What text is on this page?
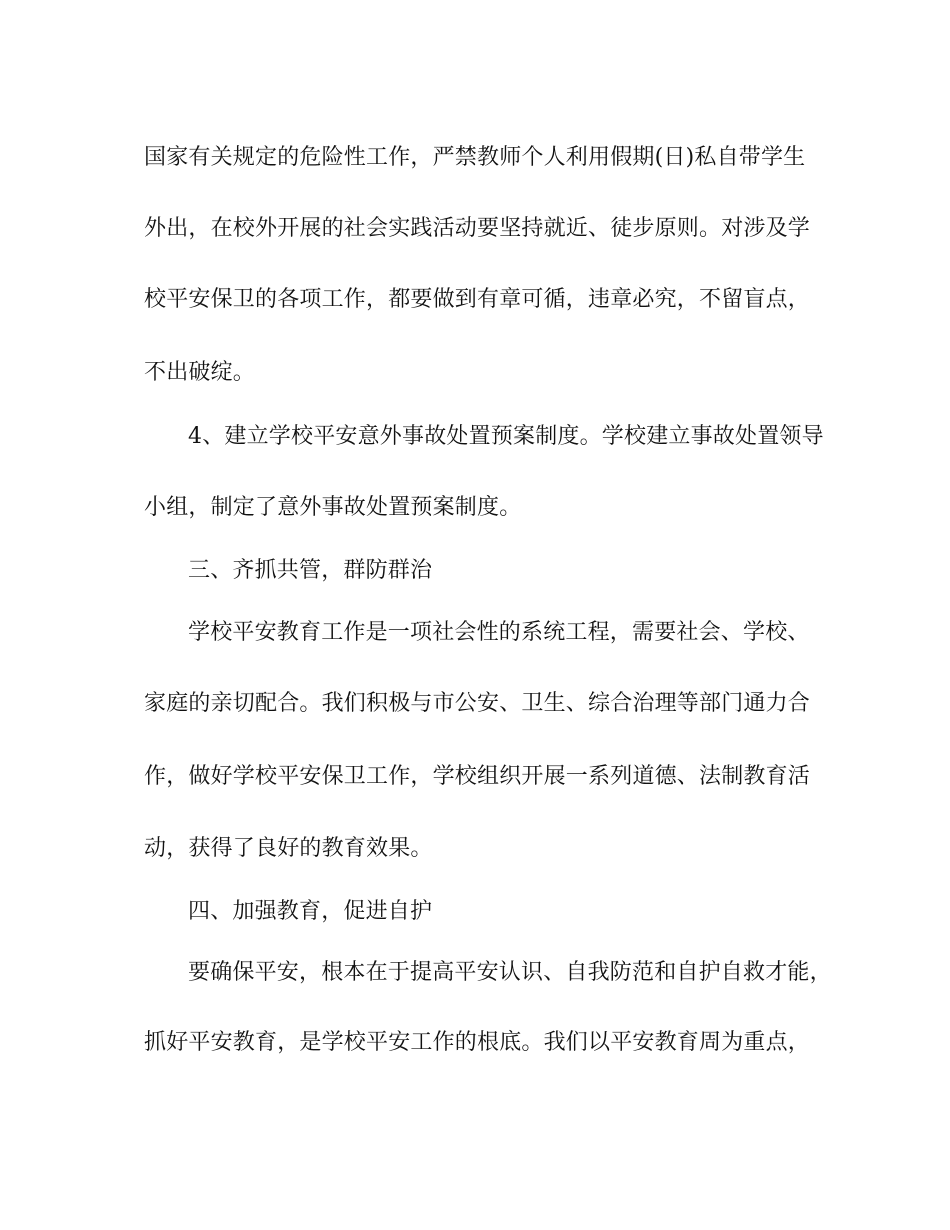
国家有关规定的危险性工作，严禁教师个人利用假期(日)私自带学生
外出，在校外开展的社会实践活动要坚持就近、徒步原则。对涉及学
校平安保卫的各项工作，都要做到有章可循，违章必究，不留盲点，
不出破绽。
4、建立学校平安意外事故处置预案制度。学校建立事故处置领导
小组，制定了意外事故处置预案制度。
三、齐抓共管，群防群治
学校平安教育工作是一项社会性的系统工程，需要社会、学校、
家庭的亲切配合。我们积极与市公安、卫生、综合治理等部门通力合
作，做好学校平安保卫工作，学校组织开展一系列道德、法制教育活
动，获得了良好的教育效果。
四、加强教育，促进自护
要确保平安，根本在于提高平安认识、自我防范和自护自救才能，
抓好平安教育，是学校平安工作的根底。我们以平安教育周为重点，
